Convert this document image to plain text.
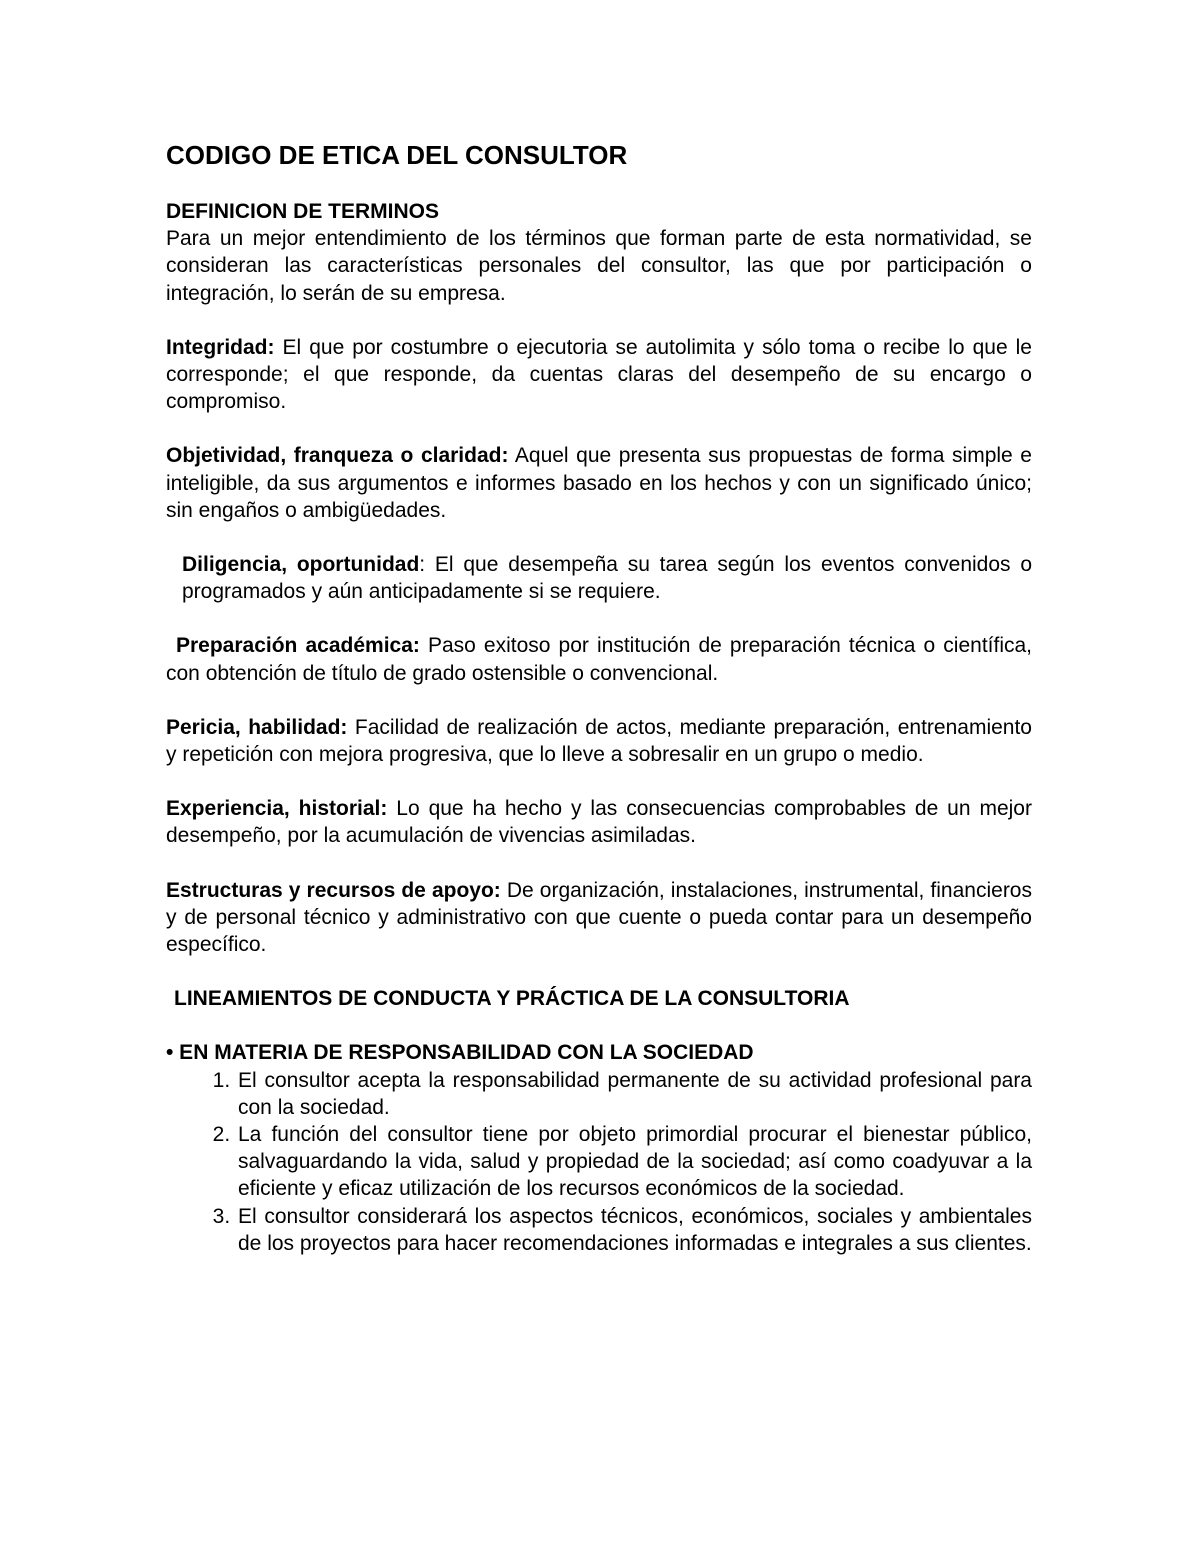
CODIGO DE ETICA DEL CONSULTOR
DEFINICION DE TERMINOS

Para un mejor entendimiento de los términos que forman parte de esta normatividad, se consideran las características personales del consultor, las que por participación o integración, lo serán de su empresa.

Integridad: El que por costumbre o ejecutoria se autolimita y sólo toma o recibe lo que le corresponde; el que responde, da cuentas claras del desempeño de su encargo o compromiso.

Objetividad, franqueza o claridad: Aquel que presenta sus propuestas de forma simple e inteligible, da sus argumentos e informes basado en los hechos y con un significado único; sin engaños o ambigüedades.

Diligencia, oportunidad: El que desempeña su tarea según los eventos convenidos o programados y aún anticipadamente si se requiere.

Preparación académica: Paso exitoso por institución de preparación técnica o científica, con obtención de título de grado ostensible o convencional.

Pericia, habilidad: Facilidad de realización de actos, mediante preparación, entrenamiento y repetición con mejora progresiva, que lo lleve a sobresalir en un grupo o medio.

Experiencia, historial: Lo que ha hecho y las consecuencias comprobables de un mejor desempeño, por la acumulación de vivencias asimiladas.

Estructuras y recursos de apoyo: De organización, instalaciones, instrumental, financieros y de personal técnico y administrativo con que cuente o pueda contar para un desempeño específico.

LINEAMIENTOS DE CONDUCTA Y PRÁCTICA DE LA CONSULTORIA
• EN MATERIA DE RESPONSABILIDAD CON LA SOCIEDAD
1. El consultor acepta la responsabilidad permanente de su actividad profesional para con la sociedad.
2. La función del consultor tiene por objeto primordial procurar el bienestar público, salvaguardando la vida, salud y propiedad de la sociedad; así como coadyuvar a la eficiente y eficaz utilización de los recursos económicos de la sociedad.
3. El consultor considerará los aspectos técnicos, económicos, sociales y ambientales de los proyectos para hacer recomendaciones informadas e integrales a sus clientes.
